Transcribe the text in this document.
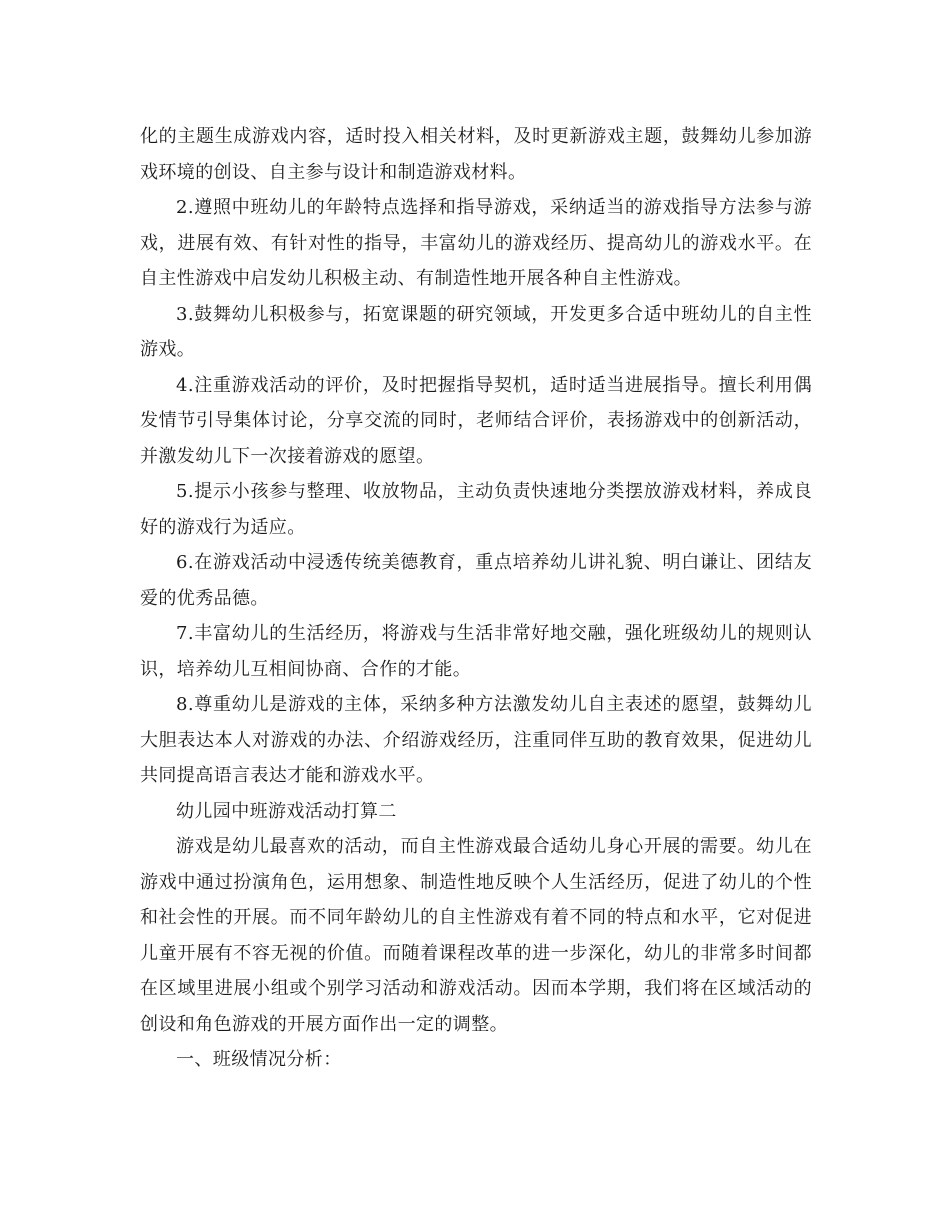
化的主题生成游戏内容，适时投入相关材料，及时更新游戏主题，鼓舞幼儿参加游戏环境的创设、自主参与设计和制造游戏材料。

2.遵照中班幼儿的年龄特点选择和指导游戏，采纳适当的游戏指导方法参与游戏，进展有效、有针对性的指导，丰富幼儿的游戏经历、提高幼儿的游戏水平。在自主性游戏中启发幼儿积极主动、有制造性地开展各种自主性游戏。

3.鼓舞幼儿积极参与，拓宽课题的研究领域，开发更多合适中班幼儿的自主性游戏。

4.注重游戏活动的评价，及时把握指导契机，适时适当进展指导。擅长利用偶发情节引导集体讨论，分享交流的同时，老师结合评价，表扬游戏中的创新活动，并激发幼儿下一次接着游戏的愿望。

5.提示小孩参与整理、收放物品，主动负责快速地分类摆放游戏材料，养成良好的游戏行为适应。

6.在游戏活动中浸透传统美德教育，重点培养幼儿讲礼貌、明白谦让、团结友爱的优秀品德。

7.丰富幼儿的生活经历，将游戏与生活非常好地交融，强化班级幼儿的规则认识，培养幼儿互相间协商、合作的才能。

8.尊重幼儿是游戏的主体，采纳多种方法激发幼儿自主表述的愿望，鼓舞幼儿大胆表达本人对游戏的办法、介绍游戏经历，注重同伴互助的教育效果，促进幼儿共同提高语言表达才能和游戏水平。

幼儿园中班游戏活动打算二

游戏是幼儿最喜欢的活动，而自主性游戏最合适幼儿身心开展的需要。幼儿在游戏中通过扮演角色，运用想象、制造性地反映个人生活经历，促进了幼儿的个性和社会性的开展。而不同年龄幼儿的自主性游戏有着不同的特点和水平，它对促进儿童开展有不容无视的价值。而随着课程改革的进一步深化，幼儿的非常多时间都在区域里进展小组或个别学习活动和游戏活动。因而本学期，我们将在区域活动的创设和角色游戏的开展方面作出一定的调整。

一、班级情况分析：
